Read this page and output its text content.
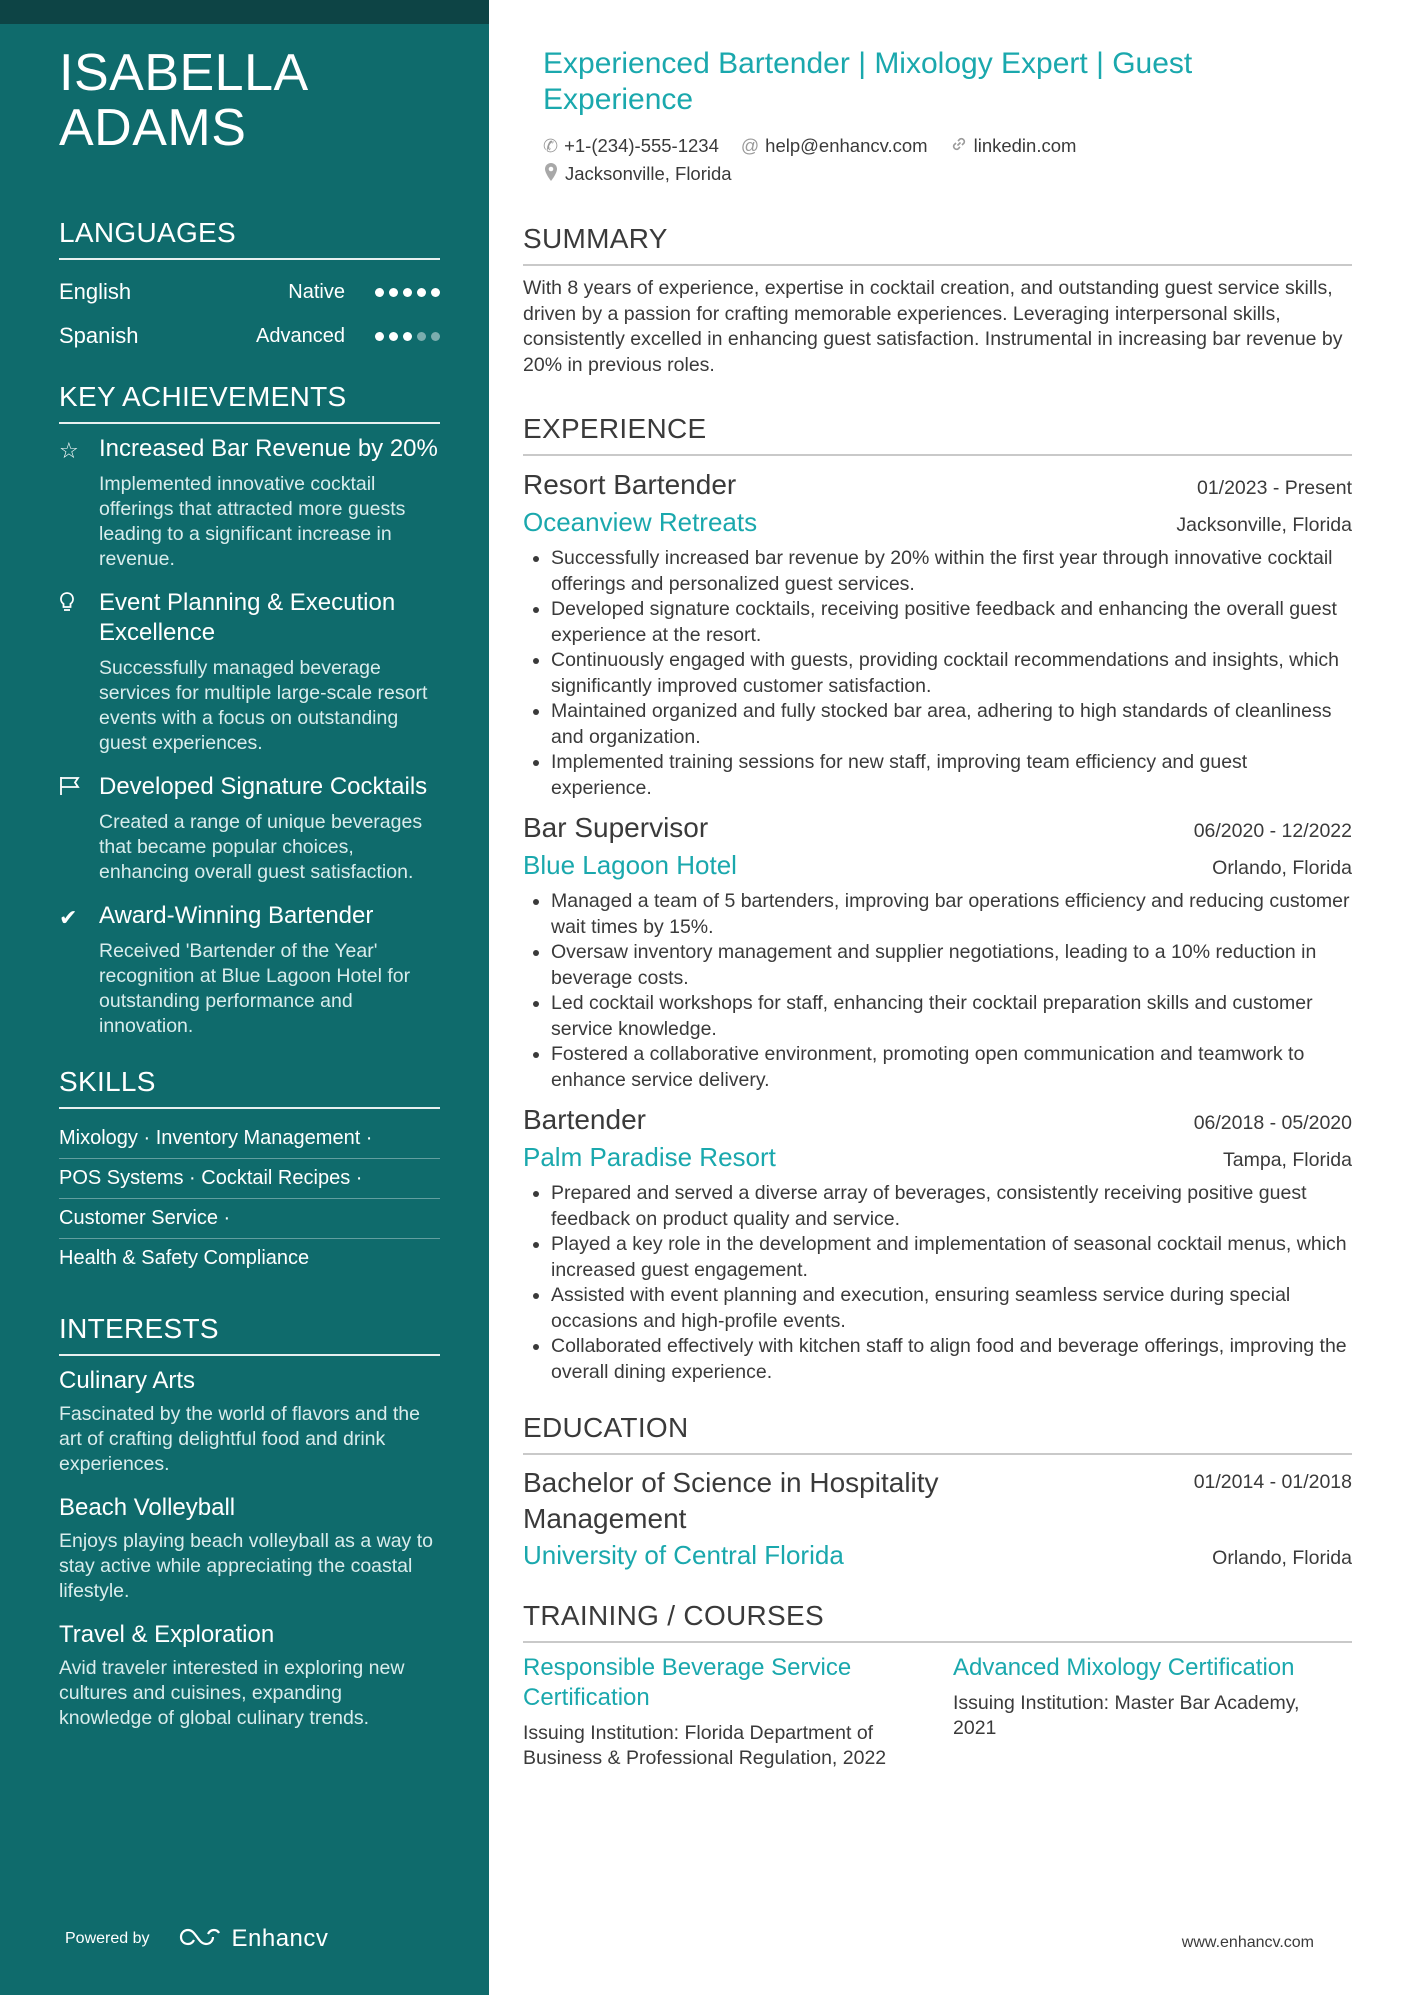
ISABELLA
ADAMS
LANGUAGES
English	Native
Spanish	Advanced
KEY ACHIEVEMENTS
☆ Increased Bar Revenue by 20%
Implemented innovative cocktail offerings that attracted more guests leading to a significant increase in revenue.
Event Planning & Execution Excellence
Successfully managed beverage services for multiple large-scale resort events with a focus on outstanding guest experiences.
Developed Signature Cocktails
Created a range of unique beverages that became popular choices, enhancing overall guest satisfaction.
✔ Award-Winning Bartender
Received 'Bartender of the Year' recognition at Blue Lagoon Hotel for outstanding performance and innovation.
SKILLS
Mixology · Inventory Management ·
POS Systems · Cocktail Recipes ·
Customer Service ·
Health & Safety Compliance
INTERESTS
Culinary Arts
Fascinated by the world of flavors and the art of crafting delightful food and drink experiences.
Beach Volleyball
Enjoys playing beach volleyball as a way to stay active while appreciating the coastal lifestyle.
Travel & Exploration
Avid traveler interested in exploring new cultures and cuisines, expanding knowledge of global culinary trends.
Powered by	Enhancv
Experienced Bartender | Mixology Expert | Guest Experience
✆ +1-(234)-555-1234 @ help@enhancv.com linkedin.com
Jacksonville, Florida
SUMMARY
With 8 years of experience, expertise in cocktail creation, and outstanding guest service skills, driven by a passion for crafting memorable experiences. Leveraging interpersonal skills, consistently excelled in enhancing guest satisfaction. Instrumental in increasing bar revenue by 20% in previous roles.
EXPERIENCE
Resort Bartender	01/2023 - Present
Oceanview Retreats	Jacksonville, Florida
• Successfully increased bar revenue by 20% within the first year through innovative cocktail offerings and personalized guest services.
• Developed signature cocktails, receiving positive feedback and enhancing the overall guest experience at the resort.
• Continuously engaged with guests, providing cocktail recommendations and insights, which significantly improved customer satisfaction.
• Maintained organized and fully stocked bar area, adhering to high standards of cleanliness and organization.
• Implemented training sessions for new staff, improving team efficiency and guest experience.
Bar Supervisor	06/2020 - 12/2022
Blue Lagoon Hotel	Orlando, Florida
• Managed a team of 5 bartenders, improving bar operations efficiency and reducing customer wait times by 15%.
• Oversaw inventory management and supplier negotiations, leading to a 10% reduction in beverage costs.
• Led cocktail workshops for staff, enhancing their cocktail preparation skills and customer service knowledge.
• Fostered a collaborative environment, promoting open communication and teamwork to enhance service delivery.
Bartender	06/2018 - 05/2020
Palm Paradise Resort	Tampa, Florida
• Prepared and served a diverse array of beverages, consistently receiving positive guest feedback on product quality and service.
• Played a key role in the development and implementation of seasonal cocktail menus, which increased guest engagement.
• Assisted with event planning and execution, ensuring seamless service during special occasions and high-profile events.
• Collaborated effectively with kitchen staff to align food and beverage offerings, improving the overall dining experience.
EDUCATION
Bachelor of Science in Hospitality Management
01/2014 - 01/2018
University of Central Florida	Orlando, Florida
TRAINING / COURSES
Responsible Beverage Service Certification
Issuing Institution: Florida Department of Business & Professional Regulation, 2022
Advanced Mixology Certification
Issuing Institution: Master Bar Academy, 2021
www.enhancv.com
